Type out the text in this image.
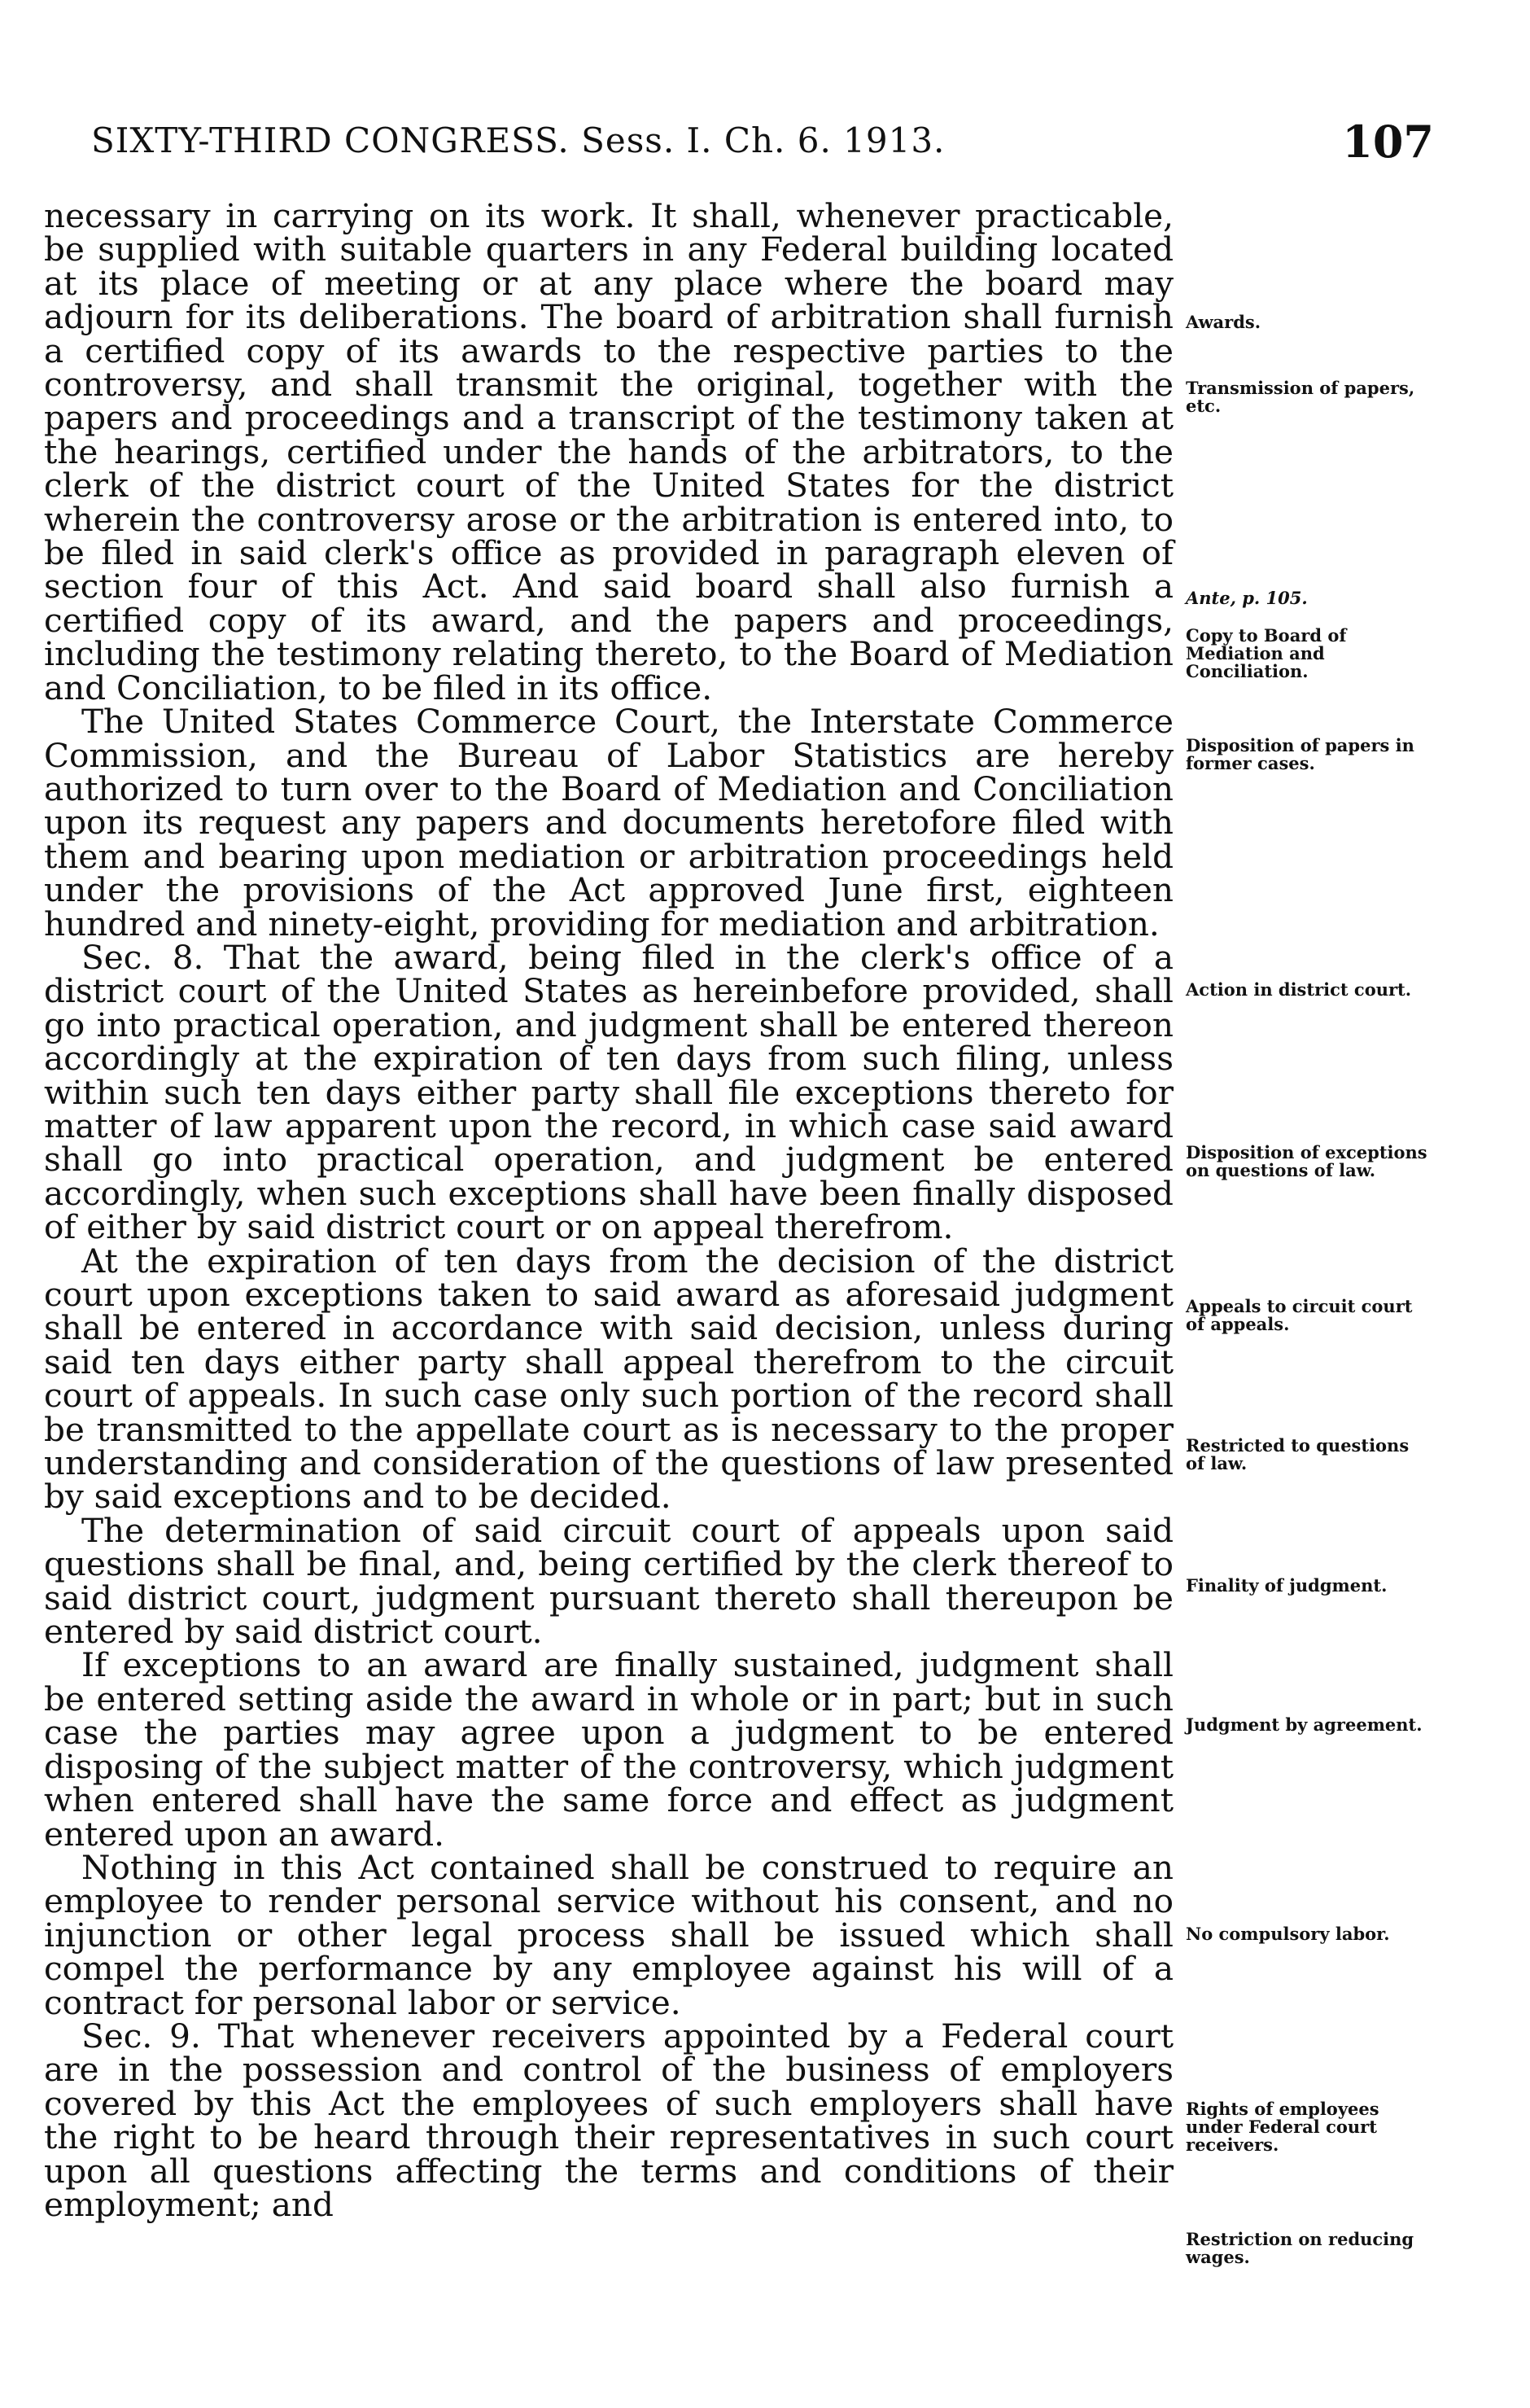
SIXTY-THIRD CONGRESS. Sess. I. Ch. 6. 1913.	107

necessary in carrying on its work. It shall, whenever practicable, be supplied with suitable quarters in any Federal building located at its place of meeting or at any place where the board may adjourn for its deliberations. The board of arbitration shall furnish a certified copy of its awards to the respective parties to the controversy, and shall transmit the original, together with the papers and proceedings and a transcript of the testimony taken at the hearings, certified under the hands of the arbitrators, to the clerk of the district court of the United States for the district wherein the controversy arose or the arbitration is entered into, to be filed in said clerk's office as provided in paragraph eleven of section four of this Act. And said board shall also furnish a certified copy of its award, and the papers and proceedings, including the testimony relating thereto, to the Board of Mediation and Conciliation, to be filed in its office.

The United States Commerce Court, the Interstate Commerce Commission, and the Bureau of Labor Statistics are hereby authorized to turn over to the Board of Mediation and Conciliation upon its request any papers and documents heretofore filed with them and bearing upon mediation or arbitration proceedings held under the provisions of the Act approved June first, eighteen hundred and ninety-eight, providing for mediation and arbitration.

Sec. 8. That the award, being filed in the clerk's office of a district court of the United States as hereinbefore provided, shall go into practical operation, and judgment shall be entered thereon accordingly at the expiration of ten days from such filing, unless within such ten days either party shall file exceptions thereto for matter of law apparent upon the record, in which case said award shall go into practical operation, and judgment be entered accordingly, when such exceptions shall have been finally disposed of either by said district court or on appeal therefrom.

At the expiration of ten days from the decision of the district court upon exceptions taken to said award as aforesaid judgment shall be entered in accordance with said decision, unless during said ten days either party shall appeal therefrom to the circuit court of appeals. In such case only such portion of the record shall be transmitted to the appellate court as is necessary to the proper understanding and consideration of the questions of law presented by said exceptions and to be decided.

The determination of said circuit court of appeals upon said questions shall be final, and, being certified by the clerk thereof to said district court, judgment pursuant thereto shall thereupon be entered by said district court.

If exceptions to an award are finally sustained, judgment shall be entered setting aside the award in whole or in part; but in such case the parties may agree upon a judgment to be entered disposing of the subject matter of the controversy, which judgment when entered shall have the same force and effect as judgment entered upon an award.

Nothing in this Act contained shall be construed to require an employee to render personal service without his consent, and no injunction or other legal process shall be issued which shall compel the performance by any employee against his will of a contract for personal labor or service.

Sec. 9. That whenever receivers appointed by a Federal court are in the possession and control of the business of employers covered by this Act the employees of such employers shall have the right to be heard through their representatives in such court upon all questions affecting the terms and conditions of their employment; and

Awards.
Transmission of papers, etc.
Ante, p. 105.
Copy to Board of Mediation and Conciliation.
Disposition of papers in former cases.
Action in district court.
Disposition of exceptions on questions of law.
Appeals to circuit court of appeals.
Restricted to questions of law.
Finality of judgment.
Judgment by agreement.
No compulsory labor.
Rights of employees under Federal court receivers.
Restriction on reducing wages.
